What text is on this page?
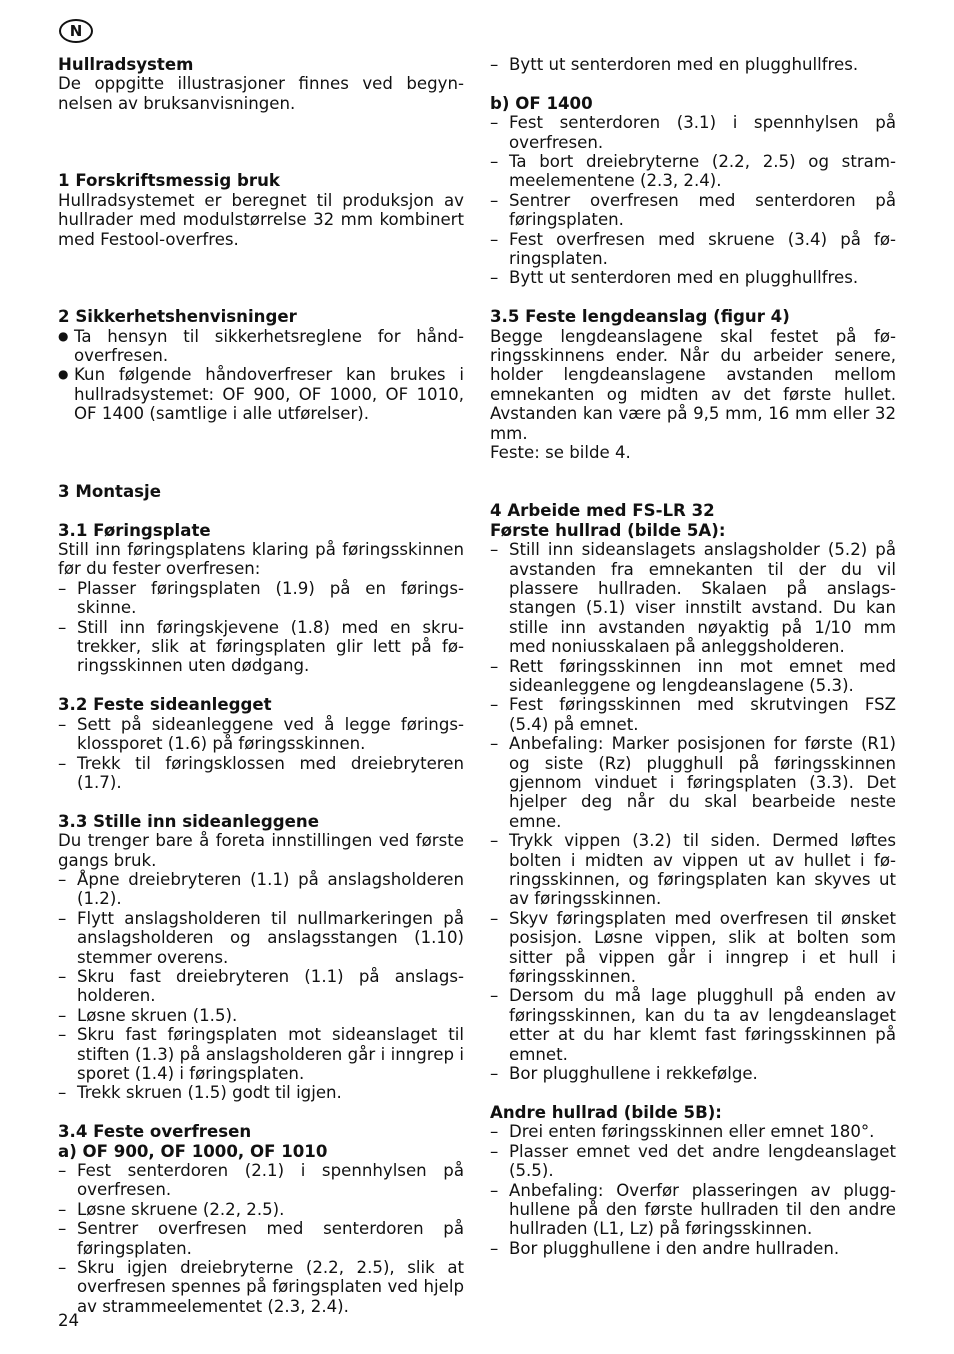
N

Hullradsystem

De oppgitte illustrasjoner finnes ved begynnelsen av bruksanvisningen.

1 Forskriftsmessig bruk

Hullradsystemet er beregnet til produksjon av hullrader med modulstørrelse 32 mm kombinert med Festool-overfres.

2 Sikkerhetshenvisninger

● Ta hensyn til sikkerhetsreglene for håndoverfresen.
● Kun følgende håndoverfreser kan brukes i hullradsystemet: OF 900, OF 1000, OF 1010, OF 1400 (samtlige i alle utførelser).

3 Montasje

3.1 Føringsplate

Still inn føringsplatens klaring på føringsskinnen før du fester overfresen:

– Plasser føringsplaten (1.9) på en føringsskinne.
– Still inn føringskjevene (1.8) med en skrutrekker, slik at føringsplaten glir lett på føringsskinnen uten dødgang.

3.2 Feste sideanlegget

– Sett på sideanleggene ved å legge føringsklossporet (1.6) på føringsskinnen.
– Trekk til føringsklossen med dreiebryteren (1.7).

3.3 Stille inn sideanleggene

Du trenger bare å foreta innstillingen ved første gangs bruk.

– Åpne dreiebryteren (1.1) på anslagsholderen (1.2).
– Flytt anslagsholderen til nullmarkeringen på anslagsholderen og anslagsstangen (1.10) stemmer overens.
– Skru fast dreiebryteren (1.1) på anslagsholderen.
– Løsne skruen (1.5).
– Skru fast føringsplaten mot sideanslaget til stiften (1.3) på anslagsholderen går i inngrep i sporet (1.4) i føringsplaten.
– Trekk skruen (1.5) godt til igjen.

3.4 Feste overfresen

a) OF 900, OF 1000, OF 1010

– Fest senterdoren (2.1) i spennhylsen på overfresen.
– Løsne skruene (2.2, 2.5).
– Sentrer overfresen med senterdoren på føringsplaten.
– Skru igjen dreiebryterne (2.2, 2.5), slik at overfresen spennes på føringsplaten ved hjelp av strammeelementet (2.3, 2.4).
– Bytt ut senterdoren med en plugghullfres.

b) OF 1400

– Fest senterdoren (3.1) i spennhylsen på overfresen.
– Ta bort dreiebryterne (2.2, 2.5) og strammeelementene (2.3, 2.4).
– Sentrer overfresen med senterdoren på føringsplaten.
– Fest overfresen med skruene (3.4) på føringsplaten.
– Bytt ut senterdoren med en plugghullfres.

3.5 Feste lengdeanslag (figur 4)

Begge lengdeanslagene skal festet på føringsskinnens ender. Når du arbeider senere, holder lengdeanslagene avstanden mellom emnekanten og midten av det første hullet. Avstanden kan være på 9,5 mm, 16 mm eller 32 mm.

Feste: se bilde 4.

4 Arbeide med FS-LR 32

Første hullrad (bilde 5A):

– Still inn sideanslagets anslagsholder (5.2) på avstanden fra emnekanten til der du vil plassere hullraden. Skalaen på anslagsstangen (5.1) viser innstilt avstand. Du kan stille inn avstanden nøyaktig på 1/10 mm med noniusskalaen på anleggsholderen.
– Rett føringsskinnen inn mot emnet med sideanleggene og lengdeanslagene (5.3).
– Fest føringsskinnen med skrutvingen FSZ (5.4) på emnet.
– Anbefaling: Marker posisjonen for første (R1) og siste (Rz) plugghull på føringsskinnen gjennom vinduet i føringsplaten (3.3). Det hjelper deg når du skal bearbeide neste emne.
– Trykk vippen (3.2) til siden. Dermed løftes bolten i midten av vippen ut av hullet i føringsskinnen, og føringsplaten kan skyves ut av føringsskinnen.
– Skyv føringsplaten med overfresen til ønsket posisjon. Løsne vippen, slik at bolten som sitter på vippen går i inngrep i et hull i føringsskinnen.
– Dersom du må lage plugghull på enden av føringsskinnen, kan du ta av lengdeanslaget etter at du har klemt fast føringsskinnen på emnet.
– Bor plugghullene i rekkefølge.

Andre hullrad (bilde 5B):

– Drei enten føringsskinnen eller emnet 180°.
– Plasser emnet ved det andre lengdeanslaget (5.5).
– Anbefaling: Overfør plasseringen av plugghullene på den første hullraden til den andre hullraden (L1, Lz) på føringsskinnen.
– Bor plugghullene i den andre hullraden.
24
